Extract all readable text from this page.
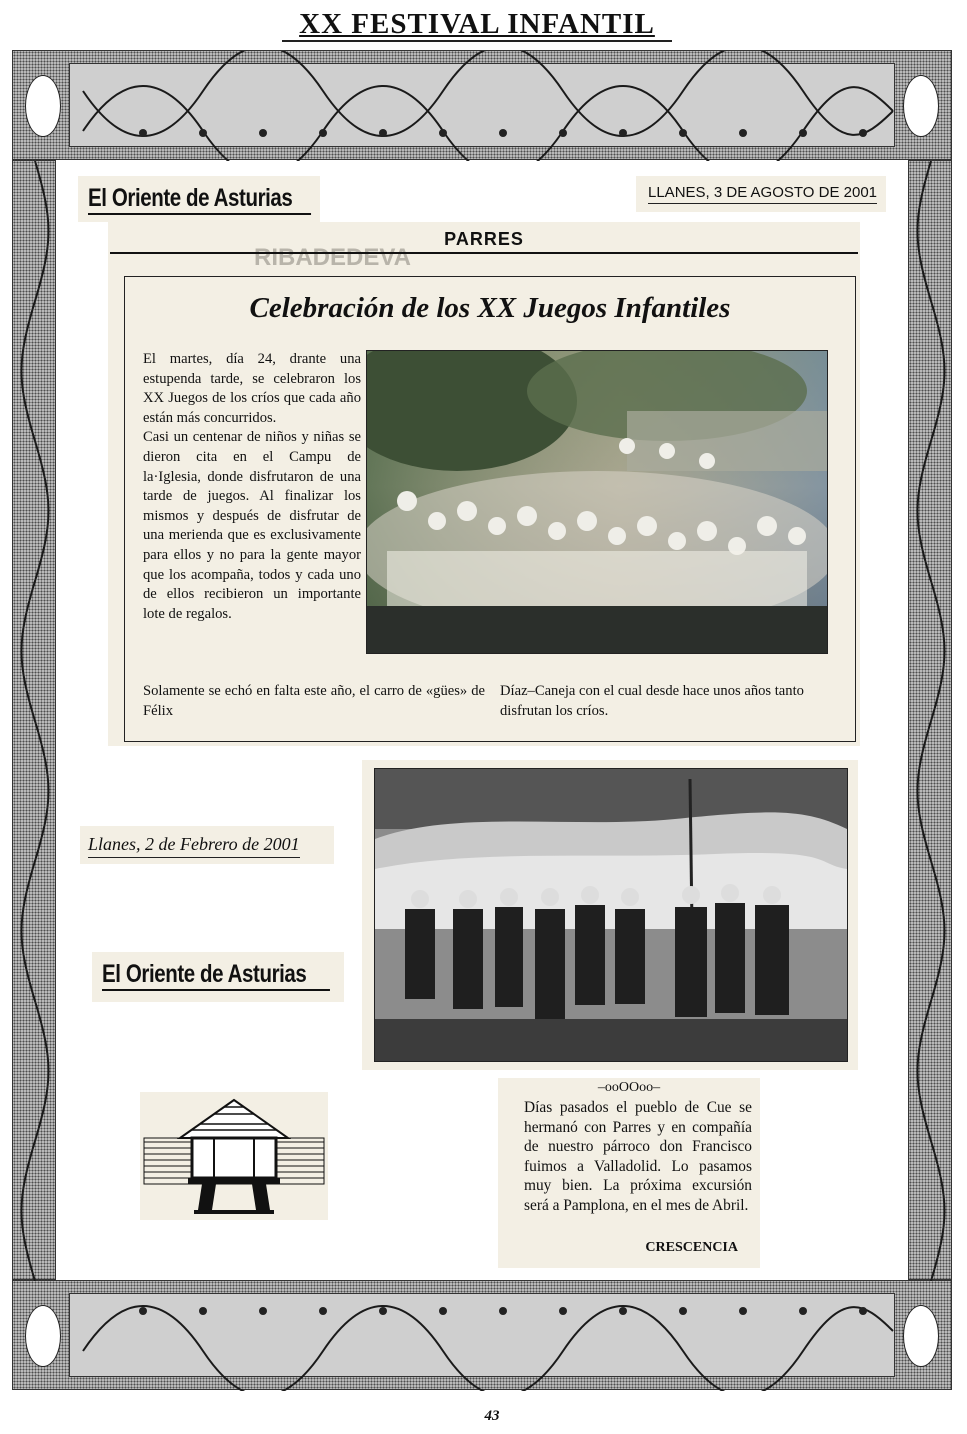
XX FESTIVAL INFANTIL
El Oriente de Asturias	LLANES, 3 DE AGOSTO DE 2001
RIBADEDEVA
PARRES
Celebración de los XX Juegos Infantiles

El martes, día 24, drante una estupenda tarde, se celebraron los XX Juegos de los críos que cada año están más concurridos.

Casi un centenar de niños y niñas se dieron cita en el Campu de la·Iglesia, donde disfrutaron de una tarde de juegos. Al finalizar los mismos y después de disfrutar de una merienda que es exclusivamente para ellos y no para la gente mayor que los acompaña, todos y cada uno de ellos recibieron un importante lote de regalos.

Solamente se echó en falta este año, el carro de «gües» de Félix
Díaz–Caneja con el cual desde hace unos años tanto disfrutan los críos.
Llanes, 2 de Febrero de 2001
El Oriente de Asturias
–ooOOoo–
Días pasados el pueblo de Cue se hermanó con Parres y en compañía de nuestro párroco don Francisco fuimos a Valladolid. Lo pasamos muy bien. La próxima excursión será a Pamplona, en el mes de Abril.
CRESCENCIA
43
